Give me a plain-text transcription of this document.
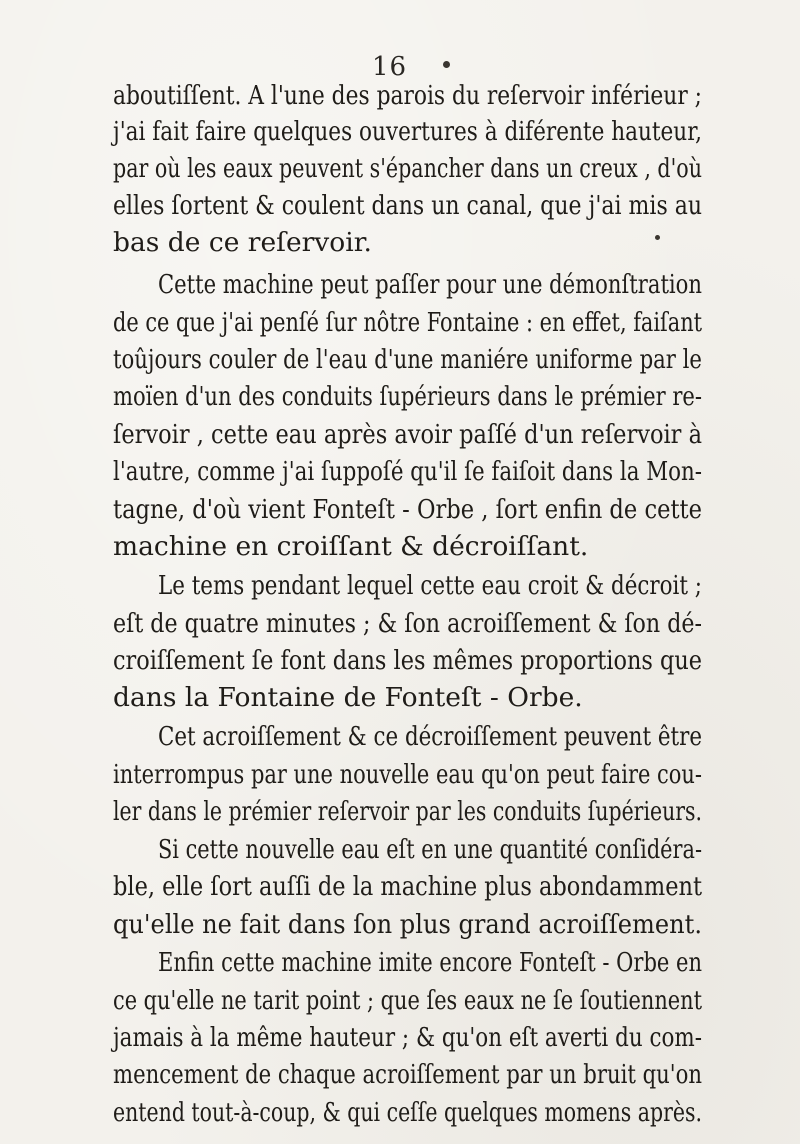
16
aboutiſſent. A l'une des parois du reſervoir inférieur ;
j'ai fait faire quelques ouvertures à diférente hauteur,
par où les eaux peuvent s'épancher dans un creux , d'où
elles ſortent & coulent dans un canal, que j'ai mis au
bas de ce reſervoir.
Cette machine peut paſſer pour une démonſtration
de ce que j'ai penſé ſur nôtre Fontaine : en effet, faiſant
toûjours couler de l'eau d'une maniére uniforme par le
moïen d'un des conduits ſupérieurs dans le prémier re-
ſervoir , cette eau après avoir paſſé d'un reſervoir à
l'autre, comme j'ai ſuppoſé qu'il ſe faiſoit dans la Mon-
tagne, d'où vient Fonteſt - Orbe , ſort enfin de cette
machine en croiſſant & décroiſſant.
Le tems pendant lequel cette eau croit & décroit ;
eſt de quatre minutes ; & ſon acroiſſement & ſon dé-
croiſſement ſe font dans les mêmes proportions que
dans la Fontaine de Fonteſt - Orbe.
Cet acroiſſement & ce décroiſſement peuvent être
interrompus par une nouvelle eau qu'on peut faire cou-
ler dans le prémier reſervoir par les conduits ſupérieurs.
Si cette nouvelle eau eſt en une quantité conſidéra-
ble, elle ſort auſſi de la machine plus abondamment
qu'elle ne fait dans ſon plus grand acroiſſement.
Enfin cette machine imite encore Fonteſt - Orbe en
ce qu'elle ne tarit point ; que ſes eaux ne ſe ſoutiennent
jamais à la même hauteur ; & qu'on eſt averti du com-
mencement de chaque acroiſſement par un bruit qu'on
entend tout-à-coup, & qui ceſſe quelques momens après.
